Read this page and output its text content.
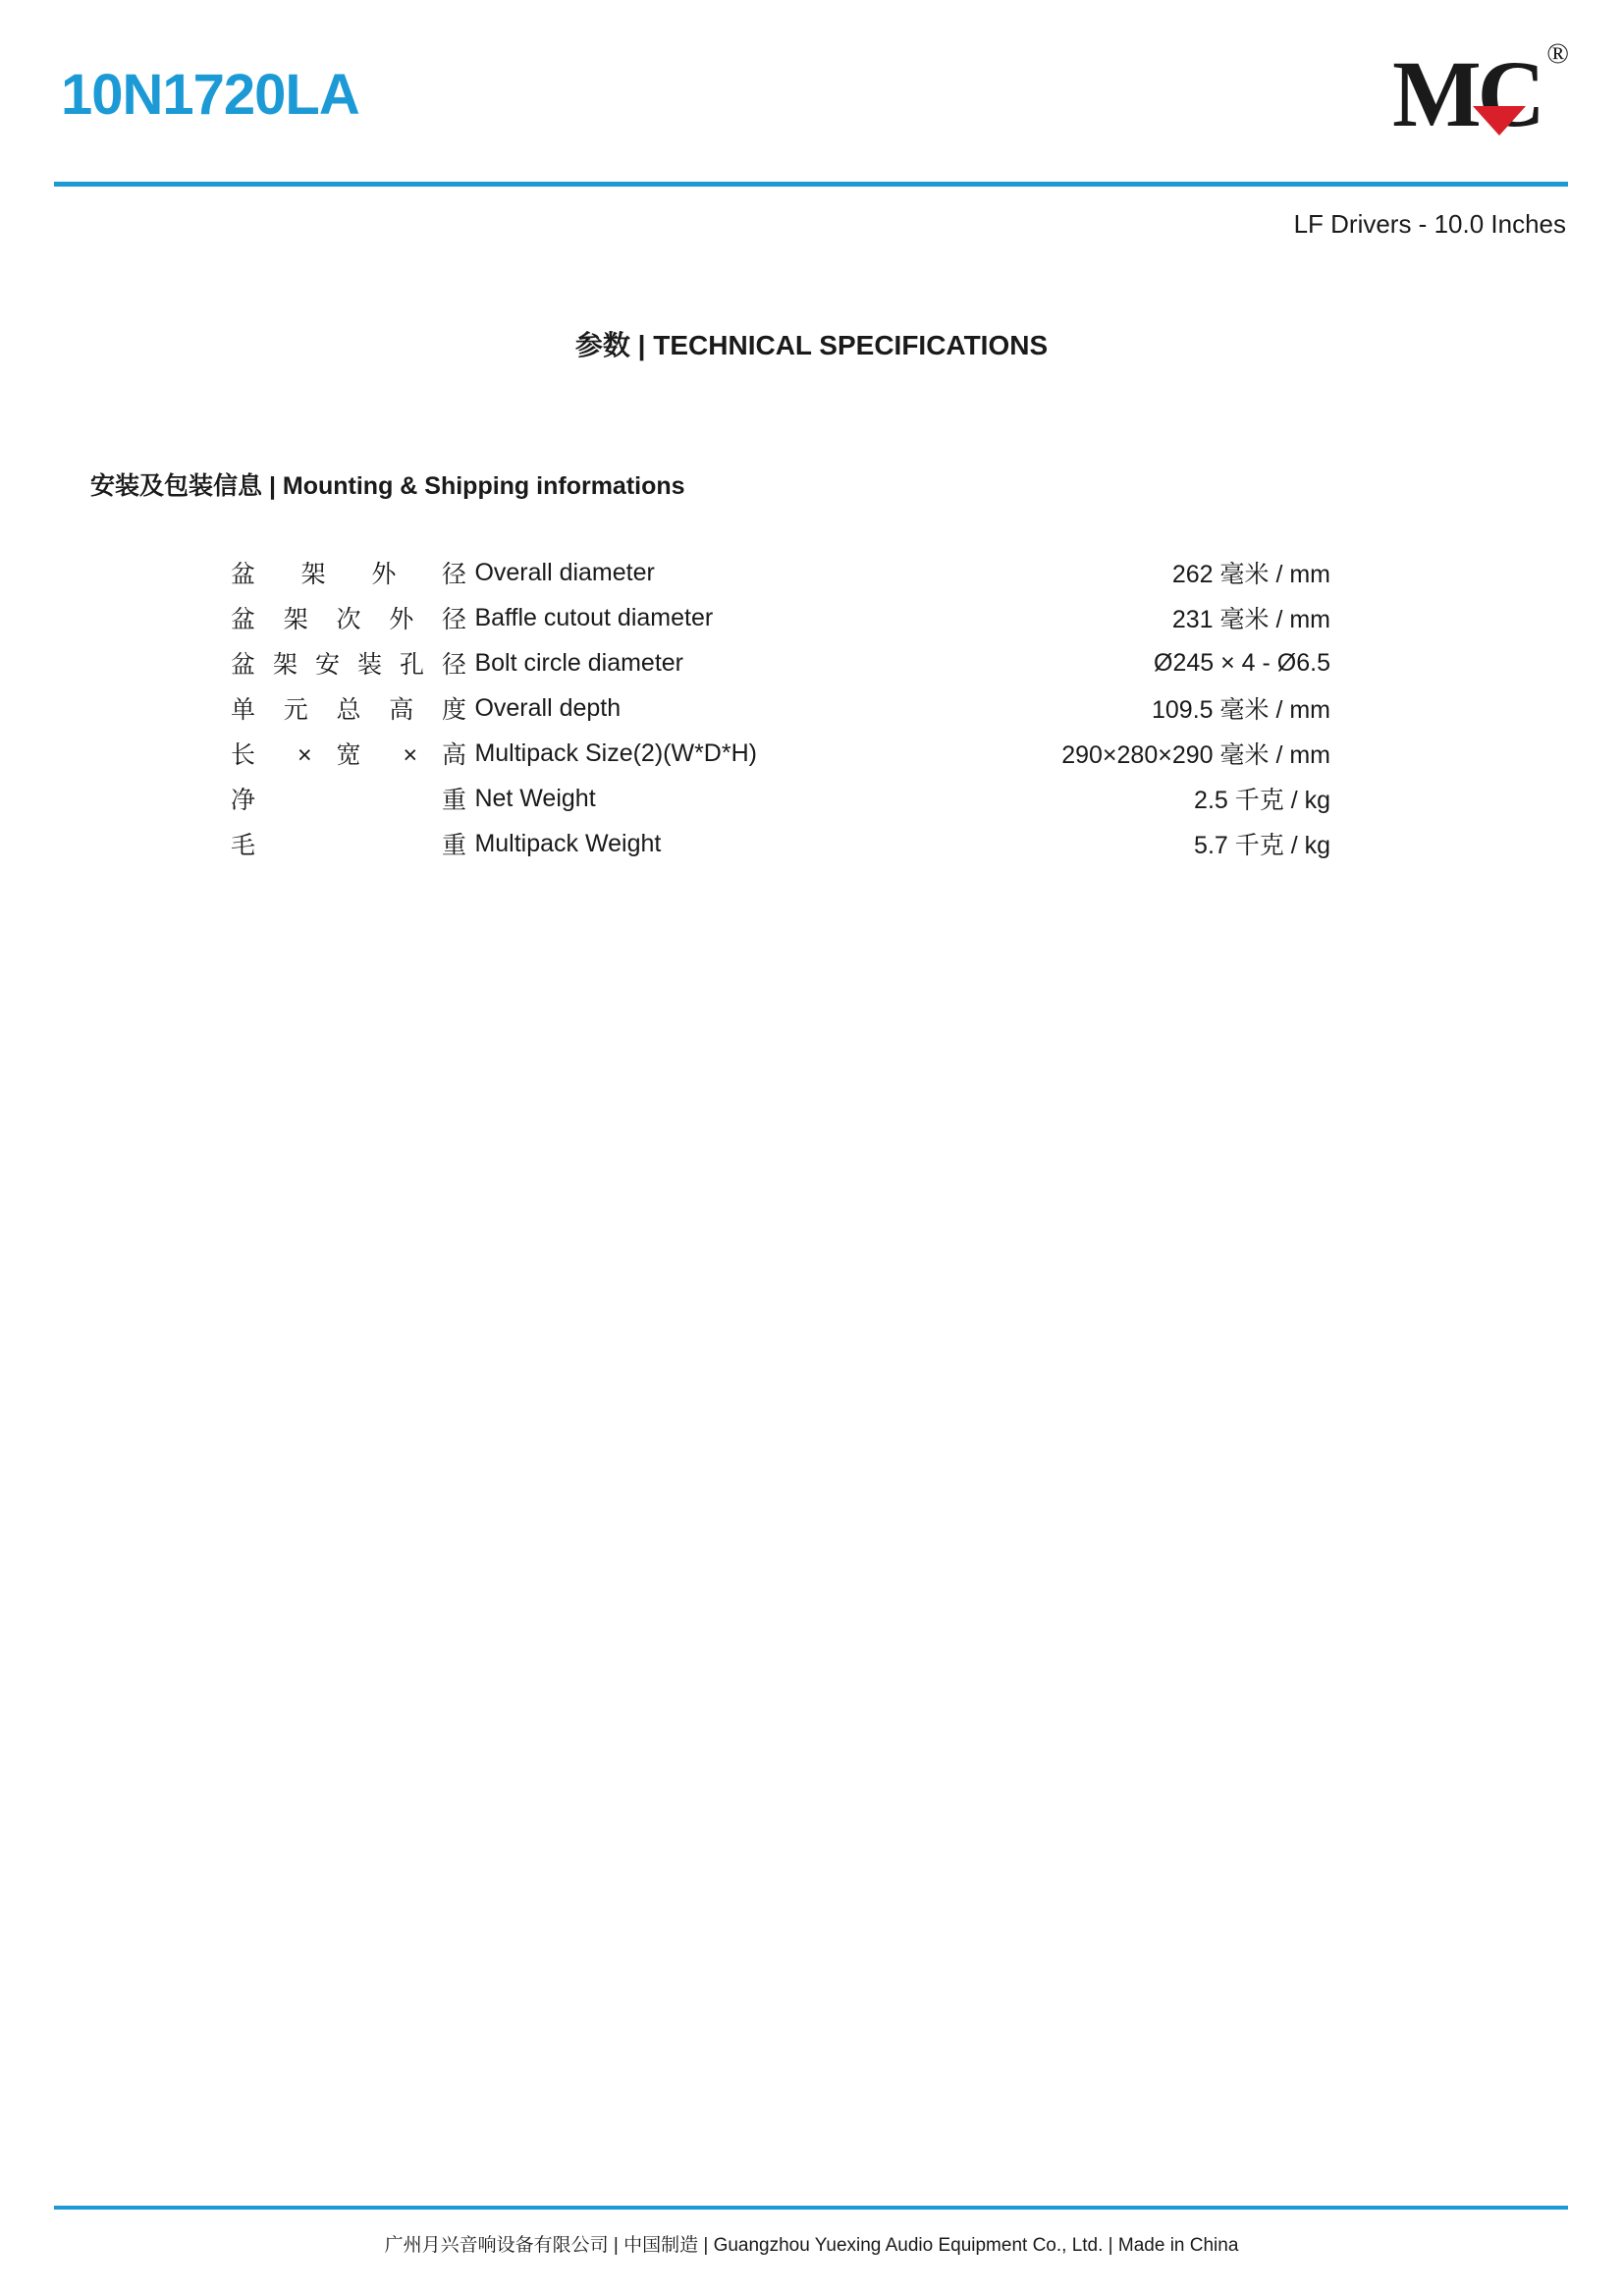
10N1720LA	MC ®
LF Drivers - 10.0 Inches
参数 | TECHNICAL SPECIFICATIONS
安装及包装信息 | Mounting & Shipping informations
盆架外径	Overall diameter	262 毫米 / mm
盆架次外径	Baffle cutout diameter	231 毫米 / mm
盆架安装孔径	Bolt circle diameter	Ø245 × 4 - Ø6.5
单元总高度	Overall depth	109.5 毫米 / mm
长 × 宽 × 高	Multipack Size(2)(W*D*H)	290×280×290 毫米 / mm
净重	Net Weight	2.5 千克 / kg
毛重	Multipack Weight	5.7 千克 / kg
广州月兴音响设备有限公司 | 中国制造 | Guangzhou Yuexing Audio Equipment Co., Ltd. | Made in China
